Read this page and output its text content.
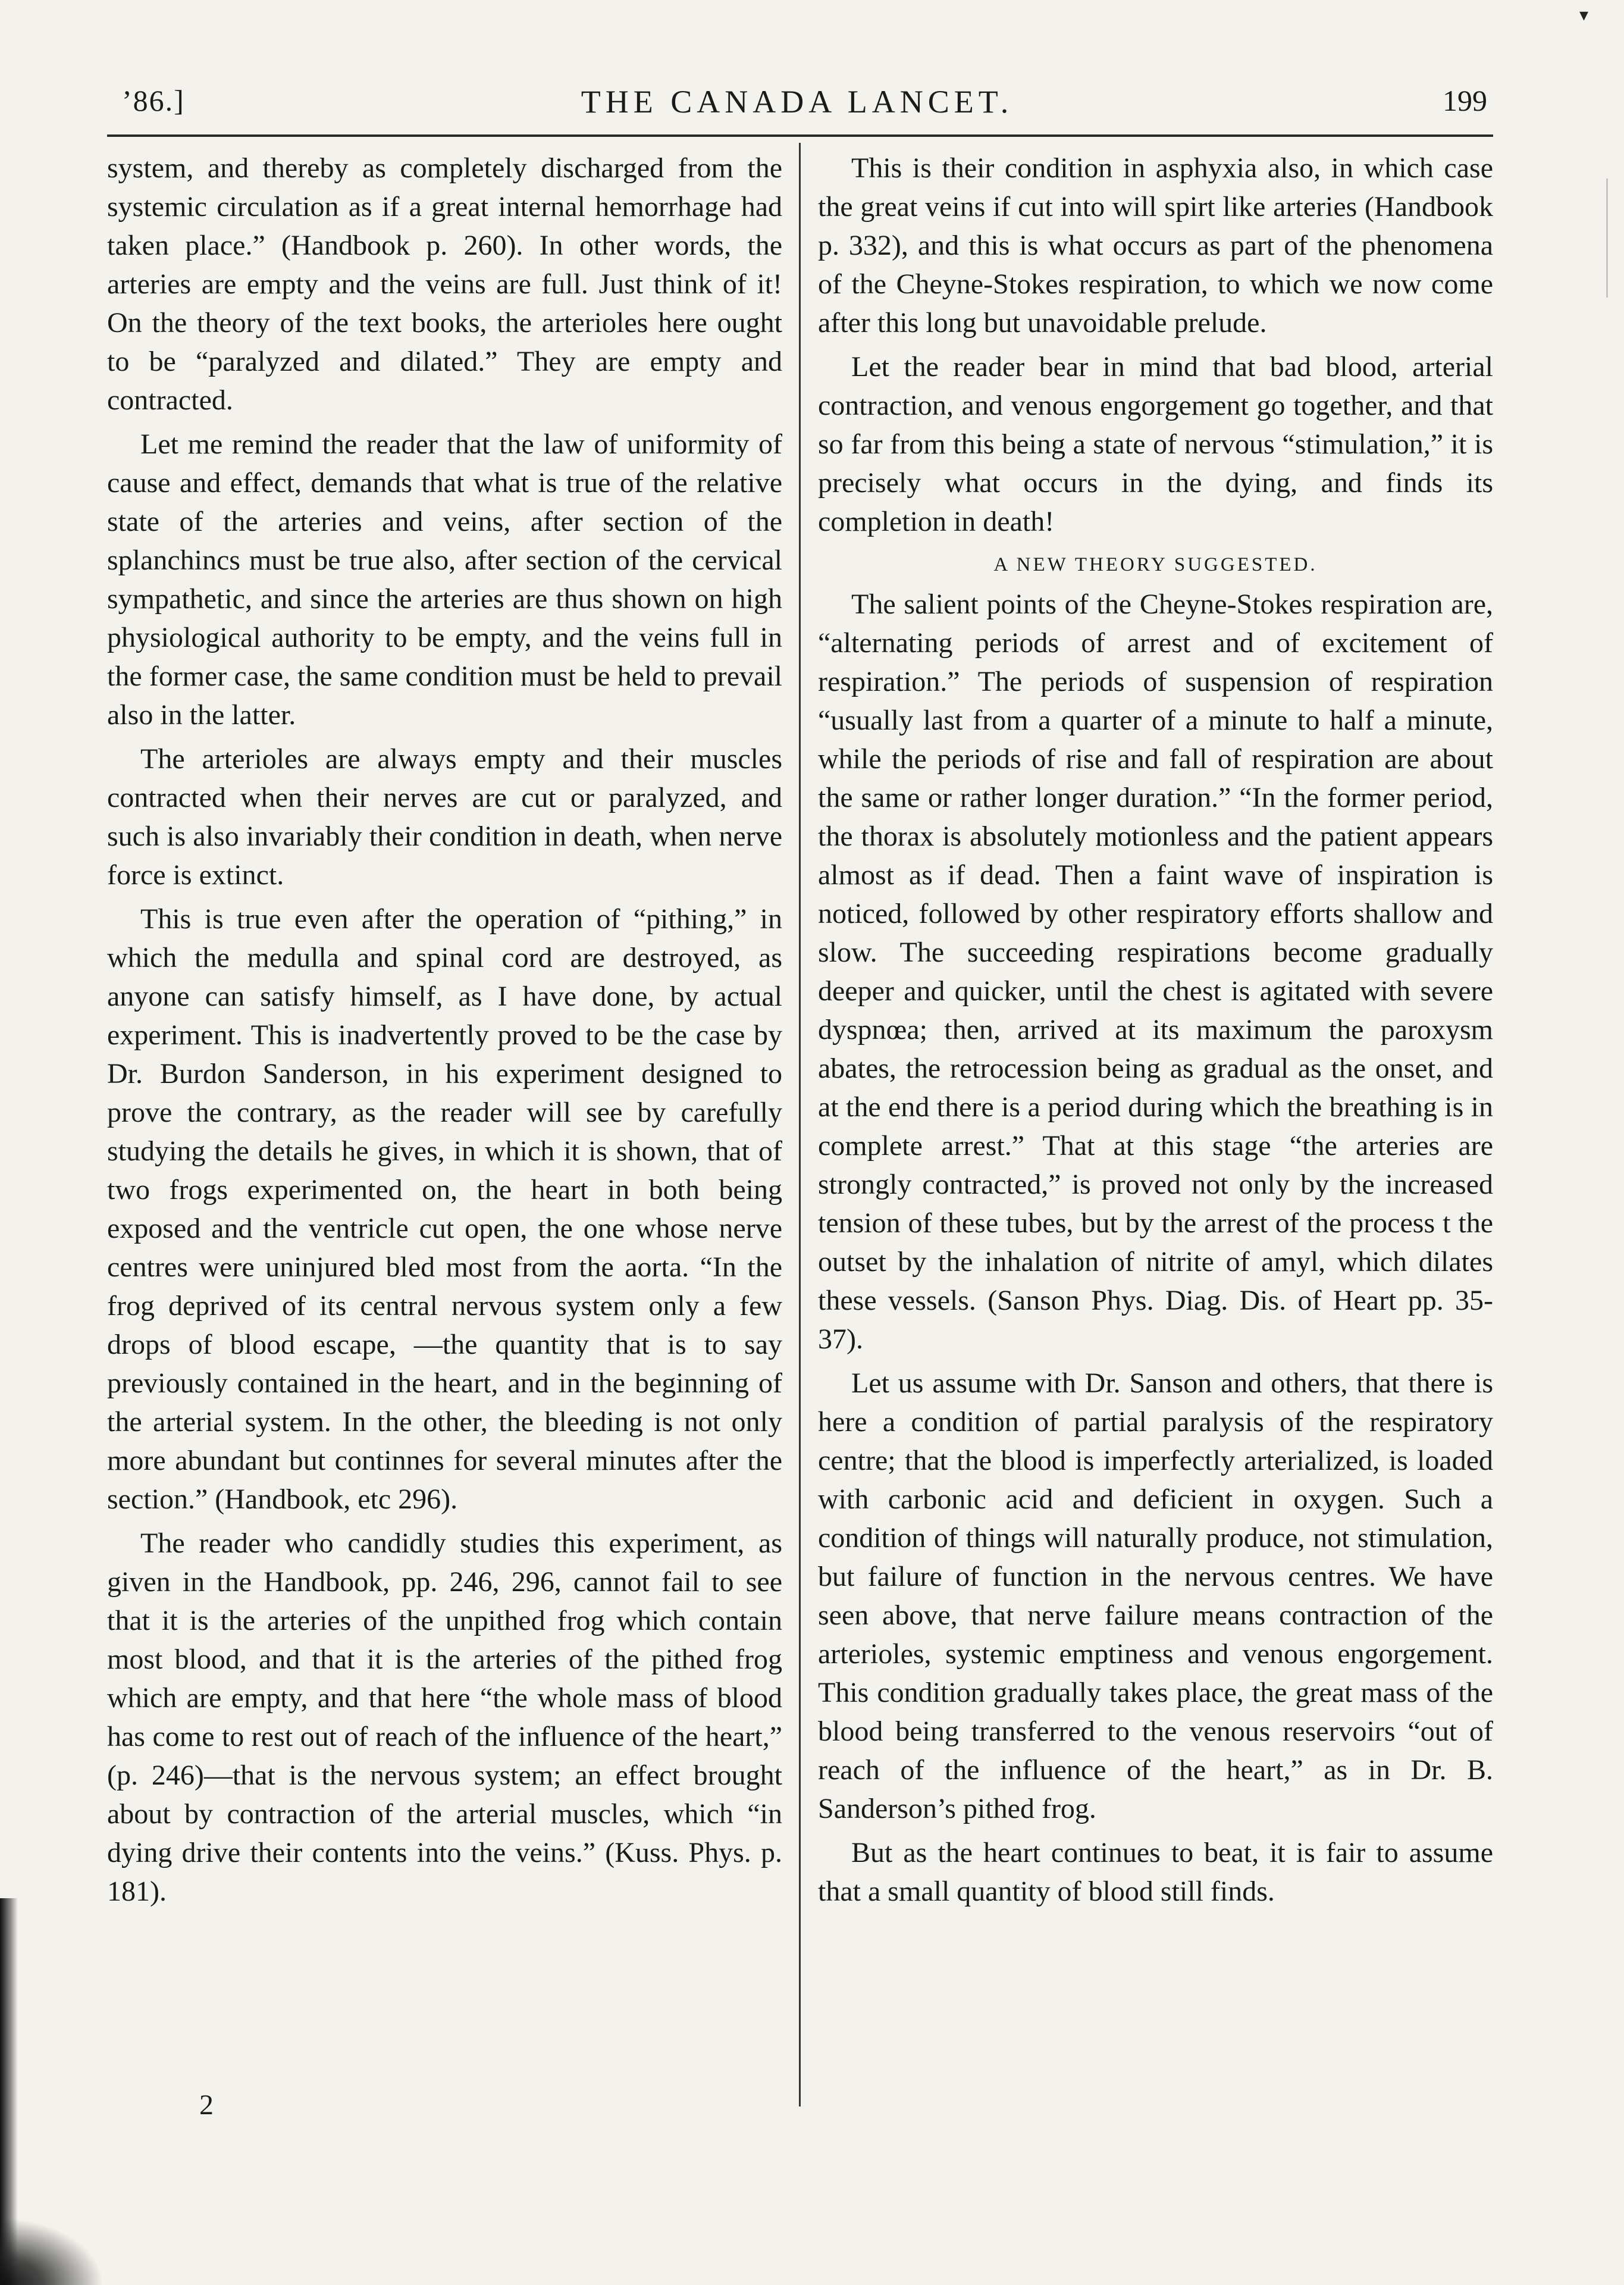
▾
’86.]	THE CANADA LANCET.	199

system, and thereby as completely discharged from the systemic circulation as if a great internal hemorrhage had taken place.” (Handbook p. 260). In other words, the arteries are empty and the veins are full. Just think of it! On the theory of the text books, the arterioles here ought to be “paralyzed and dilated.” They are empty and contracted.

Let me remind the reader that the law of uniformity of cause and effect, demands that what is true of the relative state of the arteries and veins, after section of the splanchincs must be true also, after section of the cervical sympathetic, and since the arteries are thus shown on high physiological authority to be empty, and the veins full in the former case, the same condition must be held to prevail also in the latter.

The arterioles are always empty and their muscles contracted when their nerves are cut or paralyzed, and such is also invariably their condition in death, when nerve force is extinct.

This is true even after the operation of “pithing,” in which the medulla and spinal cord are destroyed, as anyone can satisfy himself, as I have done, by actual experiment. This is inadvertently proved to be the case by Dr. Burdon Sanderson, in his experiment designed to prove the contrary, as the reader will see by carefully studying the details he gives, in which it is shown, that of two frogs experimented on, the heart in both being exposed and the ventricle cut open, the one whose nerve centres were uninjured bled most from the aorta. “In the frog deprived of its central nervous system only a few drops of blood escape, —the quantity that is to say previously contained in the heart, and in the beginning of the arterial system. In the other, the bleeding is not only more abundant but continnes for several minutes after the section.” (Handbook, etc 296).

The reader who candidly studies this experiment, as given in the Handbook, pp. 246, 296, cannot fail to see that it is the arteries of the unpithed frog which contain most blood, and that it is the arteries of the pithed frog which are empty, and that here “the whole mass of blood has come to rest out of reach of the influence of the heart,” (p. 246)—that is the nervous system; an effect brought about by contraction of the arterial muscles, which “in dying drive their contents into the veins.” (Kuss. Phys. p. 181).

This is their condition in asphyxia also, in which case the great veins if cut into will spirt like arteries (Handbook p. 332), and this is what occurs as part of the phenomena of the Cheyne-Stokes respiration, to which we now come after this long but unavoidable prelude.

Let the reader bear in mind that bad blood, arterial contraction, and venous engorgement go together, and that so far from this being a state of nervous “stimulation,” it is precisely what occurs in the dying, and finds its completion in death!

A NEW THEORY SUGGESTED.

The salient points of the Cheyne-Stokes respiration are, “alternating periods of arrest and of excitement of respiration.” The periods of suspension of respiration “usually last from a quarter of a minute to half a minute, while the periods of rise and fall of respiration are about the same or rather longer duration.” “In the former period, the thorax is absolutely motionless and the patient appears almost as if dead. Then a faint wave of inspiration is noticed, followed by other respiratory efforts shallow and slow. The succeeding respirations become gradually deeper and quicker, until the chest is agitated with severe dyspnœa; then, arrived at its maximum the paroxysm abates, the retrocession being as gradual as the onset, and at the end there is a period during which the breathing is in complete arrest.” That at this stage “the arteries are strongly contracted,” is proved not only by the increased tension of these tubes, but by the arrest of the process t the outset by the inhalation of nitrite of amyl, which dilates these vessels. (Sanson Phys. Diag. Dis. of Heart pp. 35-37).

Let us assume with Dr. Sanson and others, that there is here a condition of partial paralysis of the respiratory centre; that the blood is imperfectly arterialized, is loaded with carbonic acid and deficient in oxygen. Such a condition of things will naturally produce, not stimulation, but failure of function in the nervous centres. We have seen above, that nerve failure means contraction of the arterioles, systemic emptiness and venous engorgement. This condition gradually takes place, the great mass of the blood being transferred to the venous reservoirs “out of reach of the influence of the heart,” as in Dr. B. Sanderson’s pithed frog.

But as the heart continues to beat, it is fair to assume that a small quantity of blood still finds.

2
